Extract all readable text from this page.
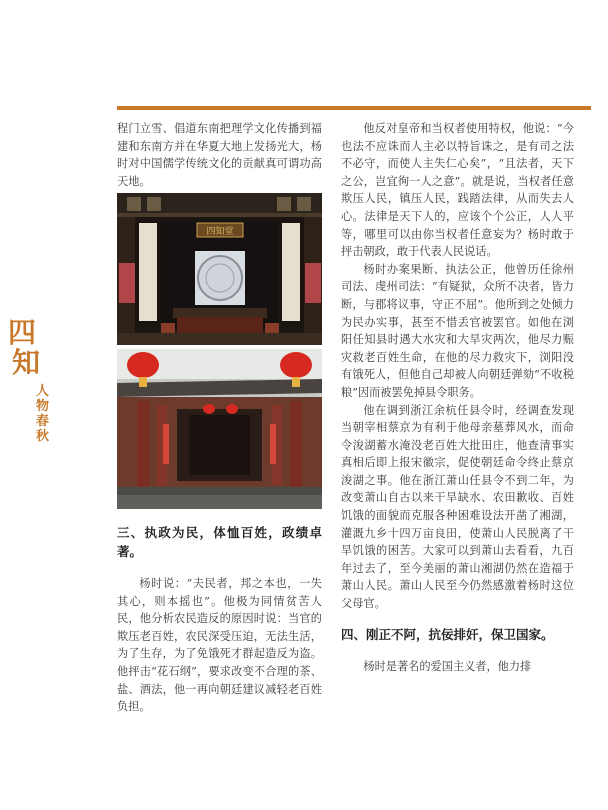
四
知
人物春秋

程门立雪、倡道东南把理学文化传播到福建和东南方并在华夏大地上发扬光大，杨时对中国儒学传统文化的贡献真可谓功高天地。

四知堂

三、执政为民，体恤百姓，政绩卓著。

杨时说：“夫民者，邦之本也，一失其心，则本摇也”。他极为同情贫苦人民，他分析农民造反的原因时说：当官的欺压老百姓，农民深受压迫，无法生活，为了生存，为了免饿死才群起造反为盗。他抨击“花石纲”，要求改变不合理的茶、盐、酒法，他一再向朝廷建议减轻老百姓负担。

他反对皇帝和当权者使用特权，他说：“今也法不应诛而人主必以特旨诛之，是有司之法不必守，而使人主失仁心矣”，“且法者，天下之公，岂宜徇一人之意”。就是说，当权者任意欺压人民，镇压人民，践踏法律，从而失去人心。法律是天下人的，应该个个公正，人人平等，哪里可以由你当权者任意妄为？杨时敢于抨击朝政，敢于代表人民说话。

杨时办案果断、执法公正，他曾历任徐州司法、虔州司法：“有疑狱，众所不决者，皆力断，与郡将议事，守正不屈”。他所到之处倾力为民办实事，甚至不惜丢官被罢官。如他在浏阳任知县时遇大水灾和大旱灾两次，他尽力赈灾救老百姓生命，在他的尽力救灾下，浏阳没有饿死人，但他自己却被人向朝廷弹劾“不收税粮”因而被罢免掉县令职务。

他在调到浙江余杭任县令时，经调查发现当朝宰相蔡京为有利于他母亲墓葬风水，而命令浚湖蓄水淹没老百姓大批田庄，他查清事实真相后即上报宋徽宗，促使朝廷命令终止蔡京浚湖之事。他在浙江萧山任县令不到二年，为改变萧山自古以来干旱缺水、农田歉收、百姓饥饿的面貌而克服各种困难设法开凿了湘湖，灌溉九乡十四万亩良田，使萧山人民脱离了干旱饥饿的困苦。大家可以到萧山去看看，九百年过去了，至今美丽的萧山湘湖仍然在造福于萧山人民。萧山人民至今仍然感激着杨时这位父母官。

四、刚正不阿，抗佞排奸，保卫国家。

杨时是著名的爱国主义者，他力排
